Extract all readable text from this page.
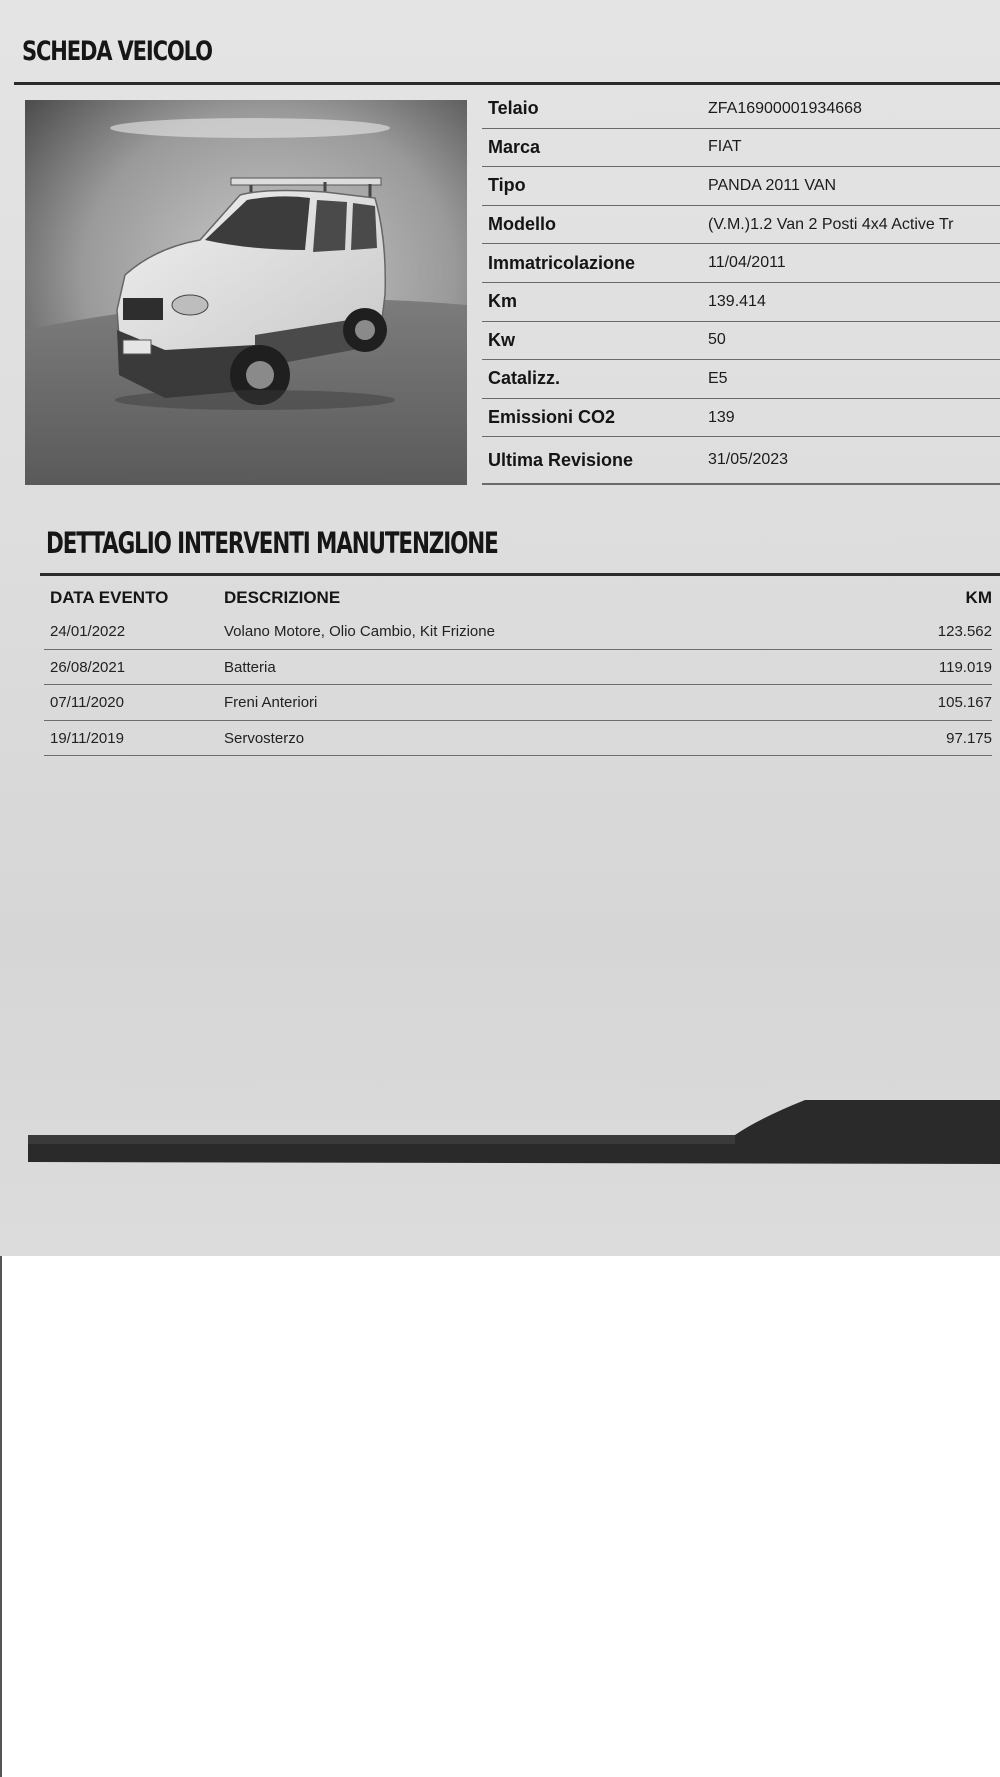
SCHEDA VEICOLO
Telaio	ZFA16900001934668
Marca	FIAT
Tipo	PANDA 2011 VAN
Modello	(V.M.)1.2 Van 2 Posti 4x4 Active Tr
Immatricolazione	11/04/2011
Km	139.414
Kw	50
Catalizz.	E5
Emissioni CO2	139
Ultima Revisione	31/05/2023
DETTAGLIO INTERVENTI MANUTENZIONE
DATA EVENTO	DESCRIZIONE	KM
24/01/2022	Volano Motore, Olio Cambio, Kit Frizione	123.562
26/08/2021	Batteria	119.019
07/11/2020	Freni Anteriori	105.167
19/11/2019	Servosterzo	97.175
